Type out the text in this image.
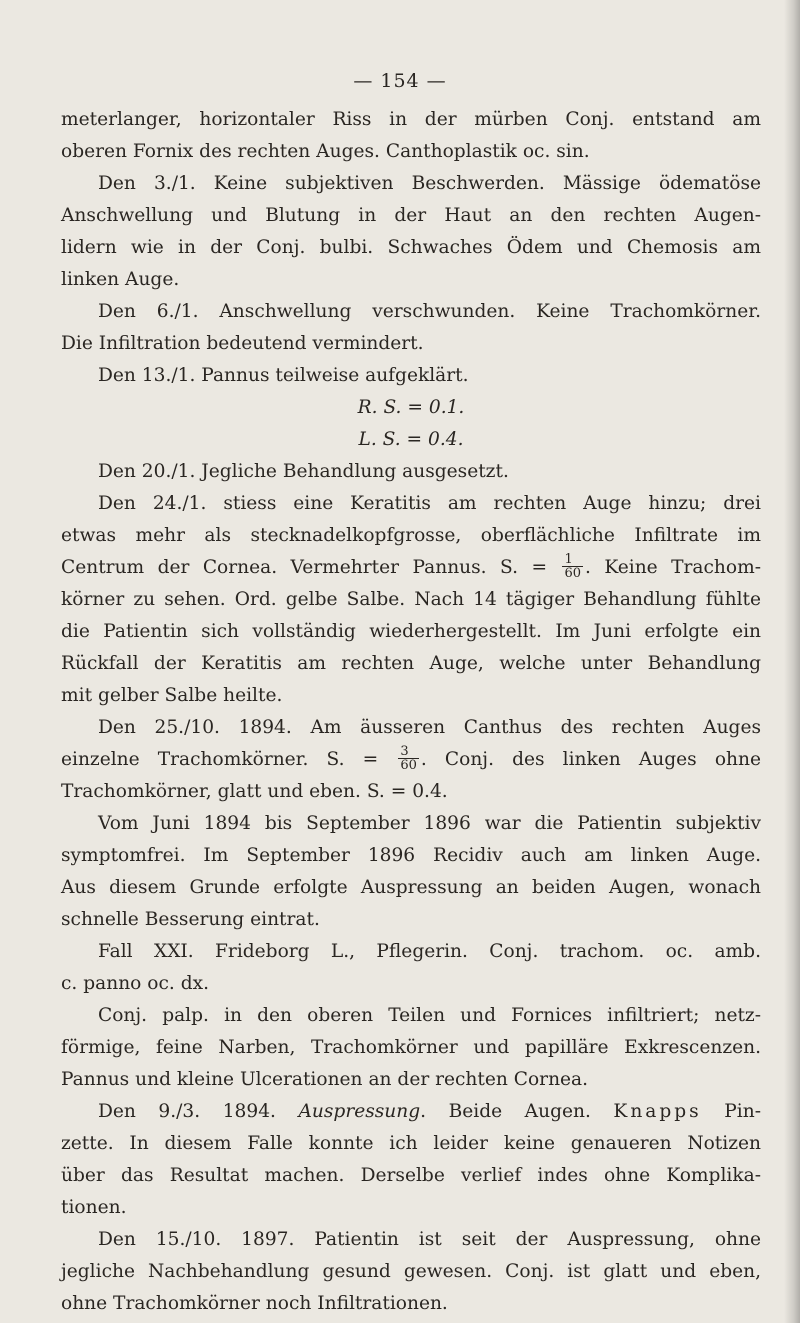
— 154 —
meterlanger, horizontaler Riss in der mürben Conj. entstand am
oberen Fornix des rechten Auges. Canthoplastik oc. sin.
Den 3./1. Keine subjektiven Beschwerden. Mässige ödematöse
Anschwellung und Blutung in der Haut an den rechten Augen-
lidern wie in der Conj. bulbi. Schwaches Ödem und Chemosis am
linken Auge.
Den 6./1. Anschwellung verschwunden. Keine Trachomkörner.
Die Infiltration bedeutend vermindert.
Den 13./1. Pannus teilweise aufgeklärt.
R. S. = 0.1.
L. S. = 0.4.
Den 20./1. Jegliche Behandlung ausgesetzt.
Den 24./1. stiess eine Keratitis am rechten Auge hinzu; drei
etwas mehr als stecknadelkopfgrosse, oberflächliche Infiltrate im
Centrum der Cornea. Vermehrter Pannus. S. = $\frac{1}{60}$ . Keine Trachom-
körner zu sehen. Ord. gelbe Salbe. Nach 14 tägiger Behandlung fühlte
die Patientin sich vollständig wiederhergestellt. Im Juni erfolgte ein
Rückfall der Keratitis am rechten Auge, welche unter Behandlung
mit gelber Salbe heilte.
Den 25./10. 1894. Am äusseren Canthus des rechten Auges
einzelne Trachomkörner. S. = $\frac{3}{60}$ . Conj. des linken Auges ohne
Trachomkörner, glatt und eben. S. = 0.4.
Vom Juni 1894 bis September 1896 war die Patientin subjektiv
symptomfrei. Im September 1896 Recidiv auch am linken Auge.
Aus diesem Grunde erfolgte Auspressung an beiden Augen, wonach
schnelle Besserung eintrat.
Fall XXI. Frideborg L., Pflegerin. Conj. trachom. oc. amb.
c. panno oc. dx.
Conj. palp. in den oberen Teilen und Fornices infiltriert; netz-
förmige, feine Narben, Trachomkörner und papilläre Exkrescenzen.
Pannus und kleine Ulcerationen an der rechten Cornea.
Den 9./3. 1894. Auspressung. Beide Augen. Knapps Pin-
zette. In diesem Falle konnte ich leider keine genaueren Notizen
über das Resultat machen. Derselbe verlief indes ohne Komplika-
tionen.
Den 15./10. 1897. Patientin ist seit der Auspressung, ohne
jegliche Nachbehandlung gesund gewesen. Conj. ist glatt und eben,
ohne Trachomkörner noch Infiltrationen.
